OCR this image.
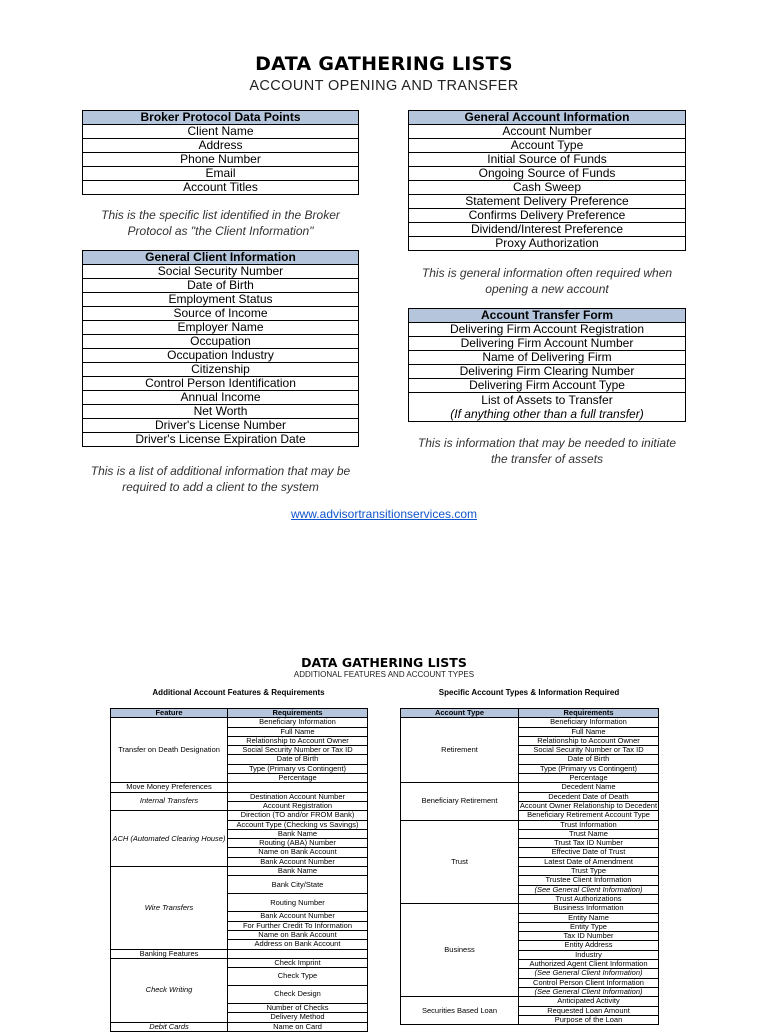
DATA GATHERING LISTS
ACCOUNT OPENING AND TRANSFER
Broker Protocol Data Points
Client Name
Address
Phone Number
Email
Account Titles
This is the specific list identified in the Broker Protocol as "the Client Information"
General Client Information
Social Security Number
Date of Birth
Employment Status
Source of Income
Employer Name
Occupation
Occupation Industry
Citizenship
Control Person Identification
Annual Income
Net Worth
Driver's License Number
Driver's License Expiration Date
This is a list of additional information that may be required to add a client to the system
General Account Information
Account Number
Account Type
Initial Source of Funds
Ongoing Source of Funds
Cash Sweep
Statement Delivery Preference
Confirms Delivery Preference
Dividend/Interest Preference
Proxy Authorization
This is general information often required when opening a new account
Account Transfer Form
Delivering Firm Account Registration
Delivering Firm Account Number
Name of Delivering Firm
Delivering Firm Clearing Number
Delivering Firm Account Type

List of Assets to Transfer
(If anything other than a full transfer)
This is information that may be needed to initiate the transfer of assets
www.advisortransitionservices.com
DATA GATHERING LISTS
ADDITIONAL FEATURES AND ACCOUNT TYPES
Additional Account Features & Requirements	Specific Account Types & Information Required
Feature	Requirements
Transfer on Death Designation	Beneficiary Information
	Full Name
	Relationship to Account Owner
	Social Security Number or Tax ID
	Date of Birth
	Type (Primary vs Contingent)
	Percentage
Move Money Preferences	
Internal Transfers	Destination Account Number
	Account Registration
ACH (Automated Clearing House)	Direction (TO and/or FROM Bank)
	Account Type (Checking vs Savings)
	Bank Name
	Routing (ABA) Number
	Name on Bank Account
	Bank Account Number
Wire Transfers	Bank Name
	Bank City/State
	Routing Number
	Bank Account Number
	For Further Credit To Information
	Name on Bank Account
	Address on Bank Account
Banking Features	
Check Writing	Check Imprint
	Check Type
	Check Design
	Number of Checks
	Delivery Method
Debit Cards	Name on Card
Account Type	Requirements
Retirement	Beneficiary Information
	Full Name
	Relationship to Account Owner
	Social Security Number or Tax ID
	Date of Birth
	Type (Primary vs Contingent)
	Percentage
Beneficiary Retirement	Decedent Name
	Decedent Date of Death
	Account Owner Relationship to Decedent
	Beneficiary Retirement Account Type
Trust	Trust Information
	Trust Name
	Trust Tax ID Number
	Effective Date of Trust
	Latest Date of Amendment
	Trust Type
	Trustee Client Information
	(See General Client Information)
	Trust Authorizations
Business	Business Information
	Entity Name
	Entity Type
	Tax ID Number
	Entity Address
	Industry
	Authorized Agent Client Information
	(See General Client Information)
	Control Person Client Information
	(See General Client Information)
Securities Based Loan	Anticipated Activity
	Requested Loan Amount
	Purpose of the Loan
